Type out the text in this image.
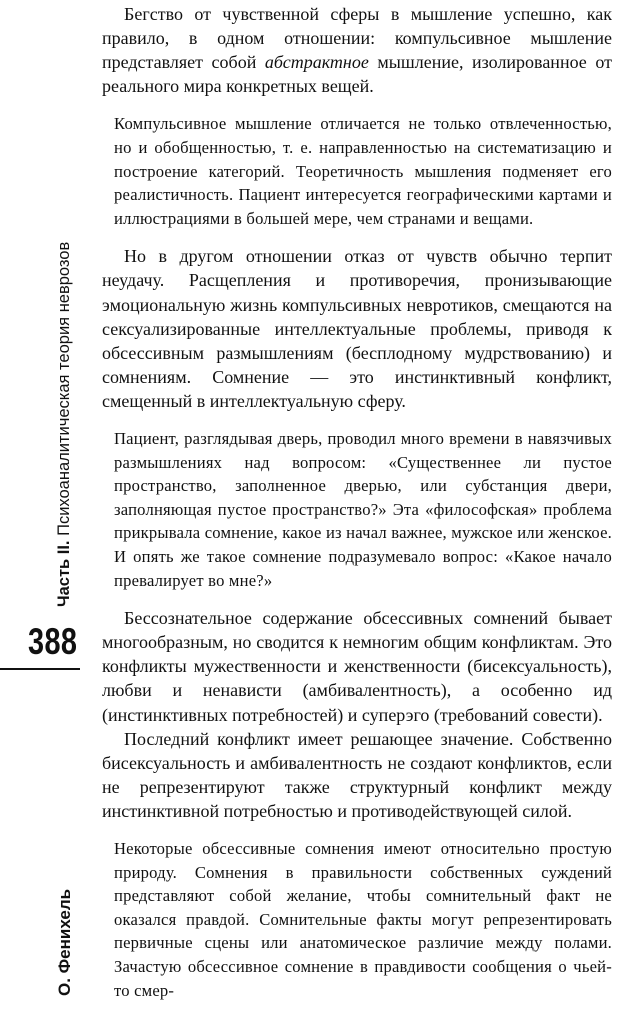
Часть II. Психоаналитическая теория неврозов
О. Фенихель
388

Бегство от чувственной сферы в мышление успешно, как правило, в одном отношении: компульсивное мышление представляет собой абстрактное мышление, изолированное от реального мира конкретных вещей.

Компульсивное мышление отличается не только отвлеченностью, но и обобщенностью, т. е. направленностью на систематизацию и построение категорий. Теоретичность мышления подменяет его реалистичность. Пациент интересуется географическими картами и иллюстрациями в большей мере, чем странами и вещами.

Но в другом отношении отказ от чувств обычно терпит неудачу. Расщепления и противоречия, пронизывающие эмоциональную жизнь компульсивных невротиков, смещаются на сексуализированные интеллектуальные проблемы, приводя к обсессивным размышлениям (бесплодному мудрствованию) и сомнениям. Сомнение — это инстинктивный конфликт, смещенный в интеллектуальную сферу.

Пациент, разглядывая дверь, проводил много времени в навязчивых размышлениях над вопросом: «Существеннее ли пустое пространство, заполненное дверью, или субстанция двери, заполняющая пустое пространство?» Эта «философская» проблема прикрывала сомнение, какое из начал важнее, мужское или женское. И опять же такое сомнение подразумевало вопрос: «Какое начало превалирует во мне?»

Бессознательное содержание обсессивных сомнений бывает многообразным, но сводится к немногим общим конфликтам. Это конфликты мужественности и женственности (бисексуальность), любви и ненависти (амбивалентность), а особенно ид (инстинктивных потребностей) и суперэго (требований совести).

Последний конфликт имеет решающее значение. Собственно бисексуальность и амбивалентность не создают конфликтов, если не репрезентируют также структурный конфликт между инстинктивной потребностью и противодействующей силой.

Некоторые обсессивные сомнения имеют относительно простую природу. Сомнения в правильности собственных суждений представляют собой желание, чтобы сомнительный факт не оказался правдой. Сомнительные факты могут репрезентировать первичные сцены или анатомическое различие между полами. Зачастую обсессивное сомнение в правдивости сообщения о чьей-то смер-
